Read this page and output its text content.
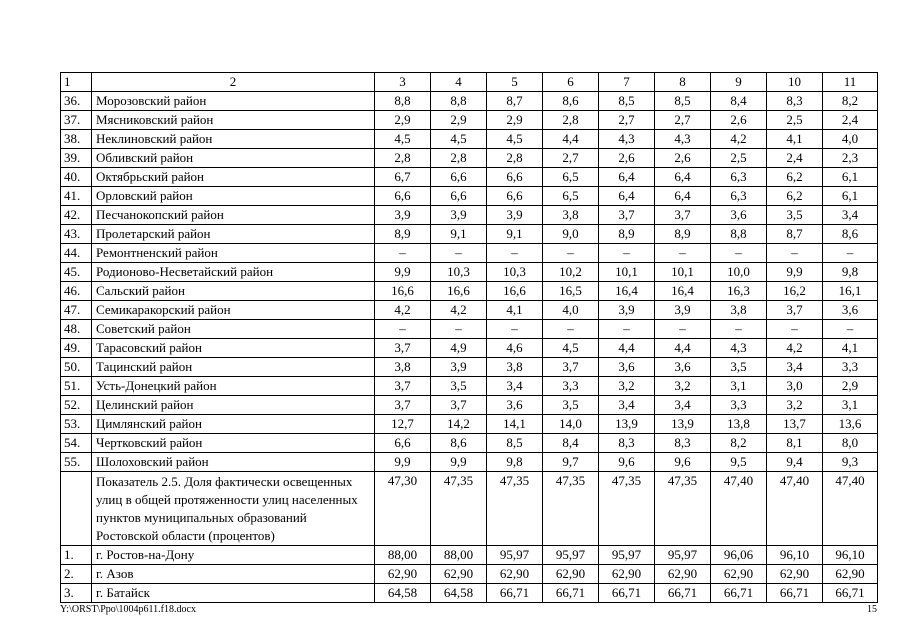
1	2	3	4	5	6	7	8	9	10	11
36.	Морозовский район	8,8	8,8	8,7	8,6	8,5	8,5	8,4	8,3	8,2
37.	Мясниковский район	2,9	2,9	2,9	2,8	2,7	2,7	2,6	2,5	2,4
38.	Неклиновский район	4,5	4,5	4,5	4,4	4,3	4,3	4,2	4,1	4,0
39.	Обливский район	2,8	2,8	2,8	2,7	2,6	2,6	2,5	2,4	2,3
40.	Октябрьский район	6,7	6,6	6,6	6,5	6,4	6,4	6,3	6,2	6,1
41.	Орловский район	6,6	6,6	6,6	6,5	6,4	6,4	6,3	6,2	6,1
42.	Песчанокопский район	3,9	3,9	3,9	3,8	3,7	3,7	3,6	3,5	3,4
43.	Пролетарский район	8,9	9,1	9,1	9,0	8,9	8,9	8,8	8,7	8,6
44.	Ремонтненский район	–	–	–	–	–	–	–	–	–
45.	Родионово-Несветайский район	9,9	10,3	10,3	10,2	10,1	10,1	10,0	9,9	9,8
46.	Сальский район	16,6	16,6	16,6	16,5	16,4	16,4	16,3	16,2	16,1
47.	Семикаракорский район	4,2	4,2	4,1	4,0	3,9	3,9	3,8	3,7	3,6
48.	Советский район	–	–	–	–	–	–	–	–	–
49.	Тарасовский район	3,7	4,9	4,6	4,5	4,4	4,4	4,3	4,2	4,1
50.	Тацинский район	3,8	3,9	3,8	3,7	3,6	3,6	3,5	3,4	3,3
51.	Усть-Донецкий район	3,7	3,5	3,4	3,3	3,2	3,2	3,1	3,0	2,9
52.	Целинский район	3,7	3,7	3,6	3,5	3,4	3,4	3,3	3,2	3,1
53.	Цимлянский район	12,7	14,2	14,1	14,0	13,9	13,9	13,8	13,7	13,6
54.	Чертковский район	6,6	8,6	8,5	8,4	8,3	8,3	8,2	8,1	8,0
55.	Шолоховский район	9,9	9,9	9,8	9,7	9,6	9,6	9,5	9,4	9,3
	Показатель 2.5. Доля фактически освещенных улиц в общей протяженности улиц населенных пунктов муниципальных образований Ростовской области (процентов)	47,30	47,35	47,35	47,35	47,35	47,35	47,40	47,40	47,40
1.	г. Ростов-на-Дону	88,00	88,00	95,97	95,97	95,97	95,97	96,06	96,10	96,10
2.	г. Азов	62,90	62,90	62,90	62,90	62,90	62,90	62,90	62,90	62,90
3.	г. Батайск	64,58	64,58	66,71	66,71	66,71	66,71	66,71	66,71	66,71
Y:\ORST\Ppo\1004p611.f18.docx	15
